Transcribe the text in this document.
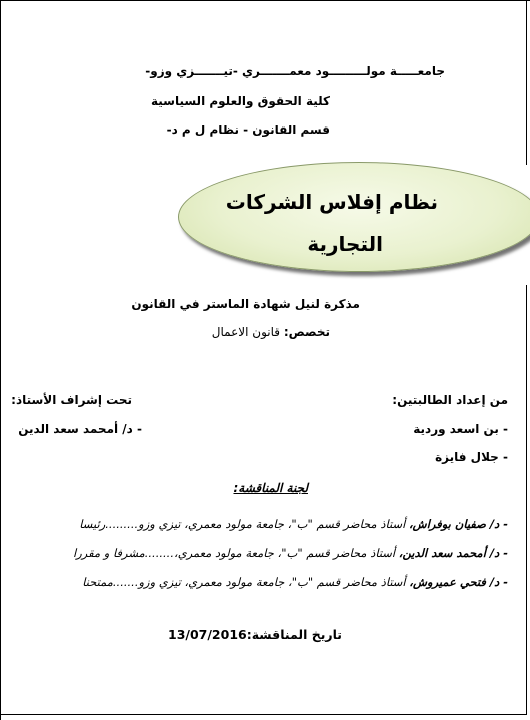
جامعـــــة مولـــــــــود معمـــــــري -تيـــــــزي وزو-
كلية الحقوق والعلوم السياسية
قسم القانون - نظام ل م د-
نظام إفلاس الشركات
التجارية
مذكرة لنيل شهادة الماستر في القانون
تخصص: قانون الاعمال
من إعداد الطالبتين:
تحت إشراف الأستاذ:
- بن اسعد وردية
- جلال فايزة
- د/ أمحمد سعد الدين
لجنة المناقشة:
- د/ صفيان بوفراش، أستاذ محاضر قسم "ب"، جامعة مولود معمري، تيزي وزو.........رئيسا
- د/ أمحمد سعد الدين، أستاذ محاضر قسم "ب"، جامعة مولود معمري،........مشرفا و مقررا
- د/ فتحي عميروش، أستاذ محاضر قسم "ب"، جامعة مولود معمري، تيزي وزو.......ممتحنا
تاريخ المناقشة:13/07/2016
